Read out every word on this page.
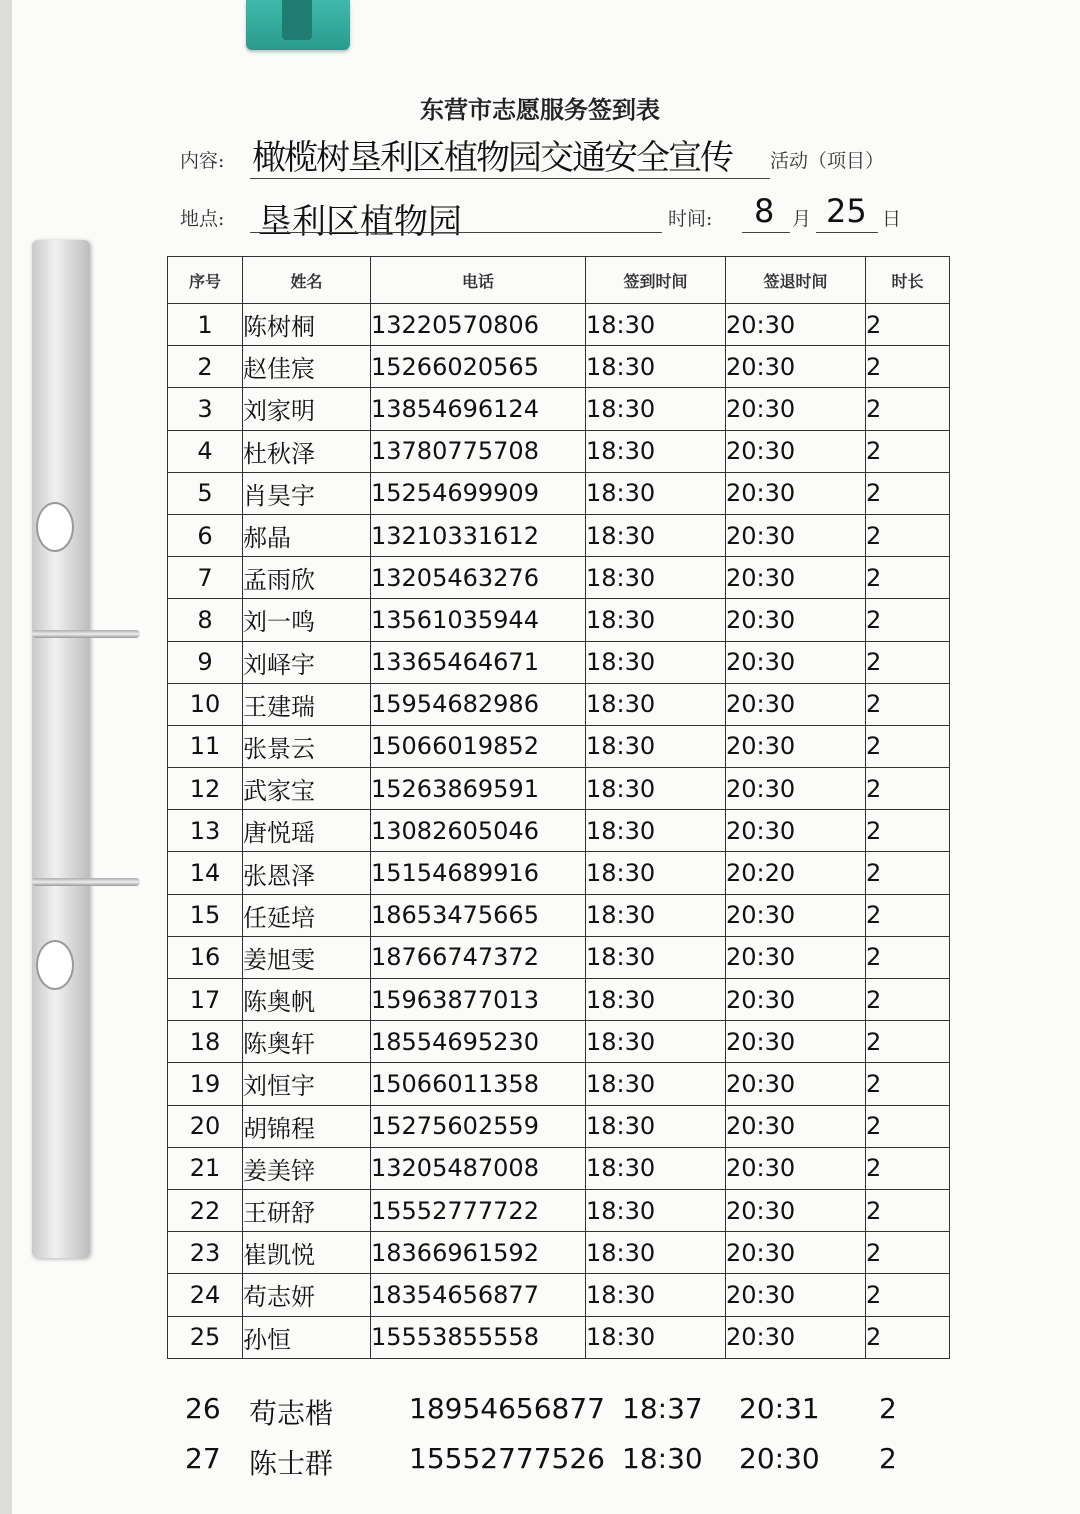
东营市志愿服务签到表
内容: 橄榄树垦利区植物园交通安全宣传 活动（项目）
地点: 垦利区植物园	时间: 8 月 25 日
序号	姓名	电话	签到时间	签退时间	时长
1	陈树桐	13220570806	18:30	20:30	2
2	赵佳宸	15266020565	18:30	20:30	2
3	刘家明	13854696124	18:30	20:30	2
4	杜秋泽	13780775708	18:30	20:30	2
5	肖昊宇	15254699909	18:30	20:30	2
6	郝晶	13210331612	18:30	20:30	2
7	孟雨欣	13205463276	18:30	20:30	2
8	刘一鸣	13561035944	18:30	20:30	2
9	刘峄宇	13365464671	18:30	20:30	2
10	王建瑞	15954682986	18:30	20:30	2
11	张景云	15066019852	18:30	20:30	2
12	武家宝	15263869591	18:30	20:30	2
13	唐悦瑶	13082605046	18:30	20:30	2
14	张恩泽	15154689916	18:30	20:20	2
15	任延培	18653475665	18:30	20:30	2
16	姜旭雯	18766747372	18:30	20:30	2
17	陈奥帆	15963877013	18:30	20:30	2
18	陈奥轩	18554695230	18:30	20:30	2
19	刘恒宇	15066011358	18:30	20:30	2
20	胡锦程	15275602559	18:30	20:30	2
21	姜美锌	13205487008	18:30	20:30	2
22	王研舒	15552777722	18:30	20:30	2
23	崔凯悦	18366961592	18:30	20:30	2
24	苟志妍	18354656877	18:30	20:30	2
25	孙恒	15553855558	18:30	20:30	2
26 苟志楷	18954656877 18:37 20:31 2
27 陈士群	15552777526 18:30 20:30 2
